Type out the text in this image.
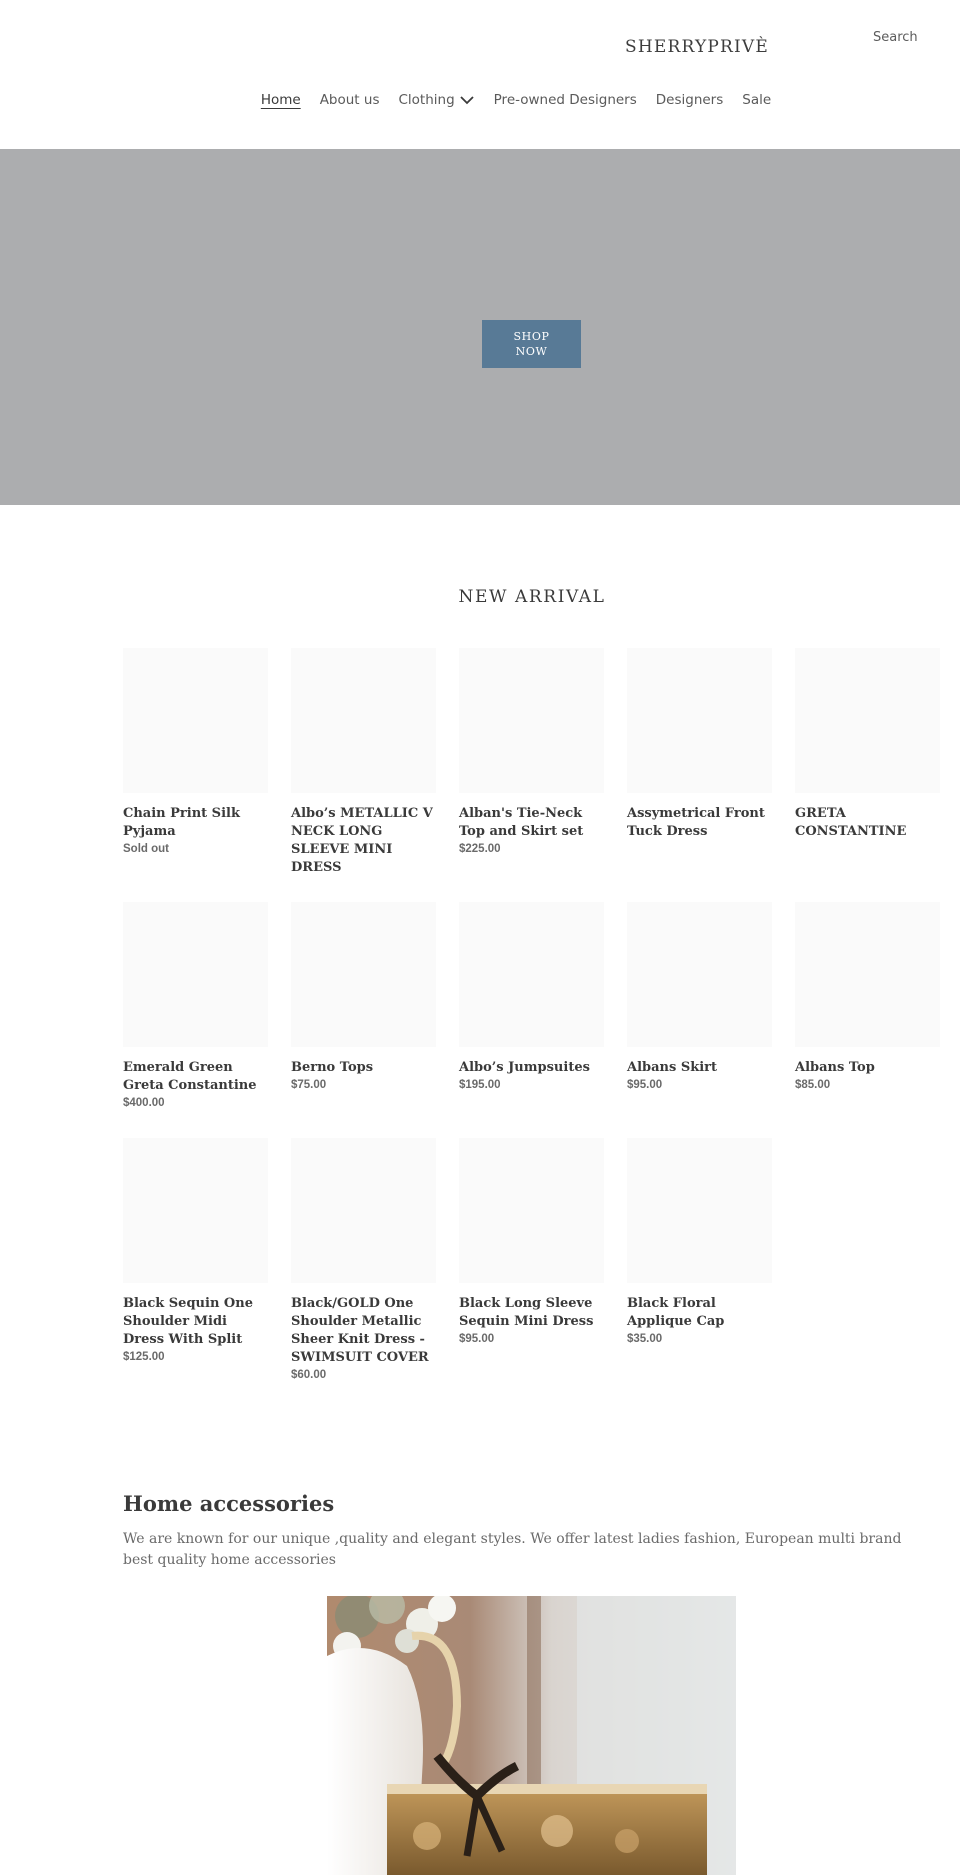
SHERRYPRIVÈ	Search
Home About us Clothing	Pre-owned Designers Designers Sale
SHOP
NOW
NEW ARRIVAL
Chain Print Silk Pyjama
Sold out
Albo’s METALLIC V NECK LONG SLEEVE MINI DRESS
Alban's Tie-Neck Top and Skirt set
$225.00
Assymetrical Front Tuck Dress
GRETA CONSTANTINE
Emerald Green Greta Constantine
$400.00
Berno Tops
$75.00
Albo’s Jumpsuites
$195.00
Albans Skirt
$95.00
Albans Top
$85.00
Black Sequin One Shoulder Midi Dress With Split
$125.00
Black/GOLD One Shoulder Metallic Sheer Knit Dress - SWIMSUIT COVER
$60.00
Black Long Sleeve Sequin Mini Dress
$95.00
Black Floral Applique Cap
$35.00
Home accessories
We are known for our unique ,quality and elegant styles. We offer latest ladies fashion, European multi brand best quality home accessories
